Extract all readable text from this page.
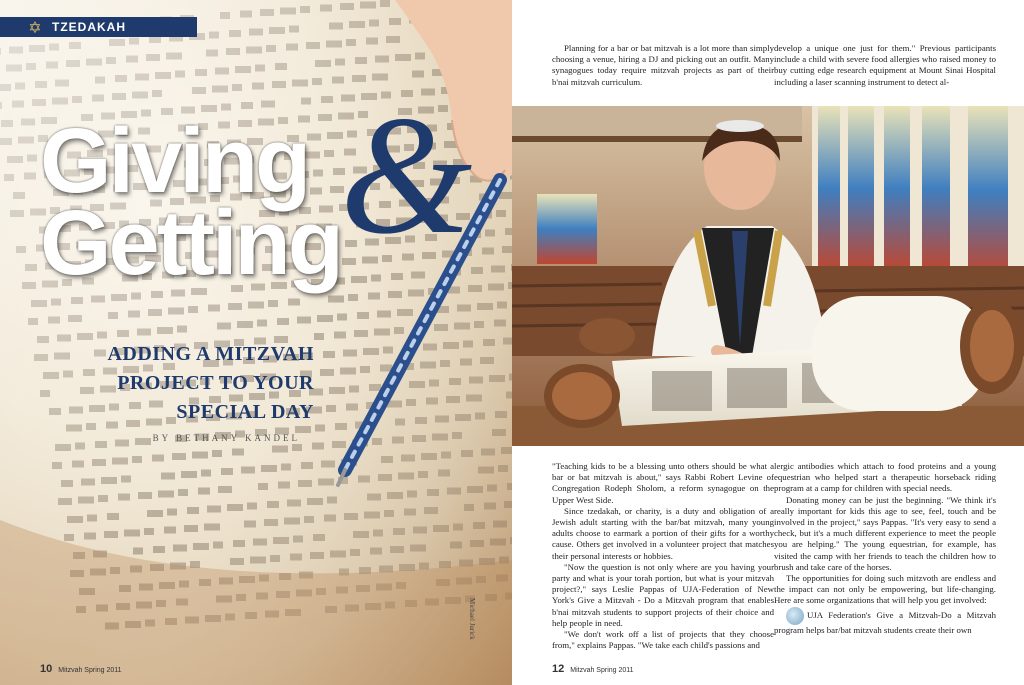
✡ TZEDAKAH
Giving
Getting &
ADDING A MITZVAH
PROJECT TO YOUR
SPECIAL DAY
BY BETHANY KANDEL
Michael Jurick
10 Mitzvah Spring 2011

Planning for a bar or bat mitzvah is a lot more than simply choosing a venue, hiring a DJ and picking out an outfit. Many synagogues today require mitzvah projects as part of their b'nai mitzvah curriculum.

develop a unique one just for them." Previous participants include a child with severe food allergies who raised money to buy cutting edge research equipment at Mount Sinai Hospital including a laser scanning instrument to detect al-

"Teaching kids to be a blessing unto others should be what a bar or bat mitzvah is about," says Rabbi Robert Levine of Congregation Rodeph Sholom, a reform synagogue on the Upper West Side.

Since tzedakah, or charity, is a duty and obligation of a Jewish adult starting with the bar/bat mitzvah, many young adults choose to earmark a portion of their gifts for a worthy cause. Others get involved in a volunteer project that matches their personal interests or hobbies.

"Now the question is not only where are you having your party and what is your torah portion, but what is your mitzvah project?," says Leslie Pappas of UJA-Federation of New York's Give a Mitzvah - Do a Mitzvah program that enables b'nai mitzvah students to support projects of their choice and help people in need.

"We don't work off a list of projects that they choose from," explains Pappas. "We take each child's passions and

lergic antibodies which attach to food proteins and a young equestrian who helped start a therapeutic horseback riding program at a camp for children with special needs.

Donating money can be just the beginning. "We think it's really important for kids this age to see, feel, touch and be involved in the project," says Pappas. "It's very easy to send a check, but it's a much different experience to meet the people you are helping." The young equestrian, for example, has visited the camp with her friends to teach the children how to brush and take care of the horses.

The opportunities for doing such mitzvoth are endless and the impact can not only be empowering, but life-changing. Here are some organizations that will help you get involved:

UJA Federation's Give a Mitzvah-Do a Mitzvah program helps bar/bat mitzvah students create their own

12 Mitzvah Spring 2011
